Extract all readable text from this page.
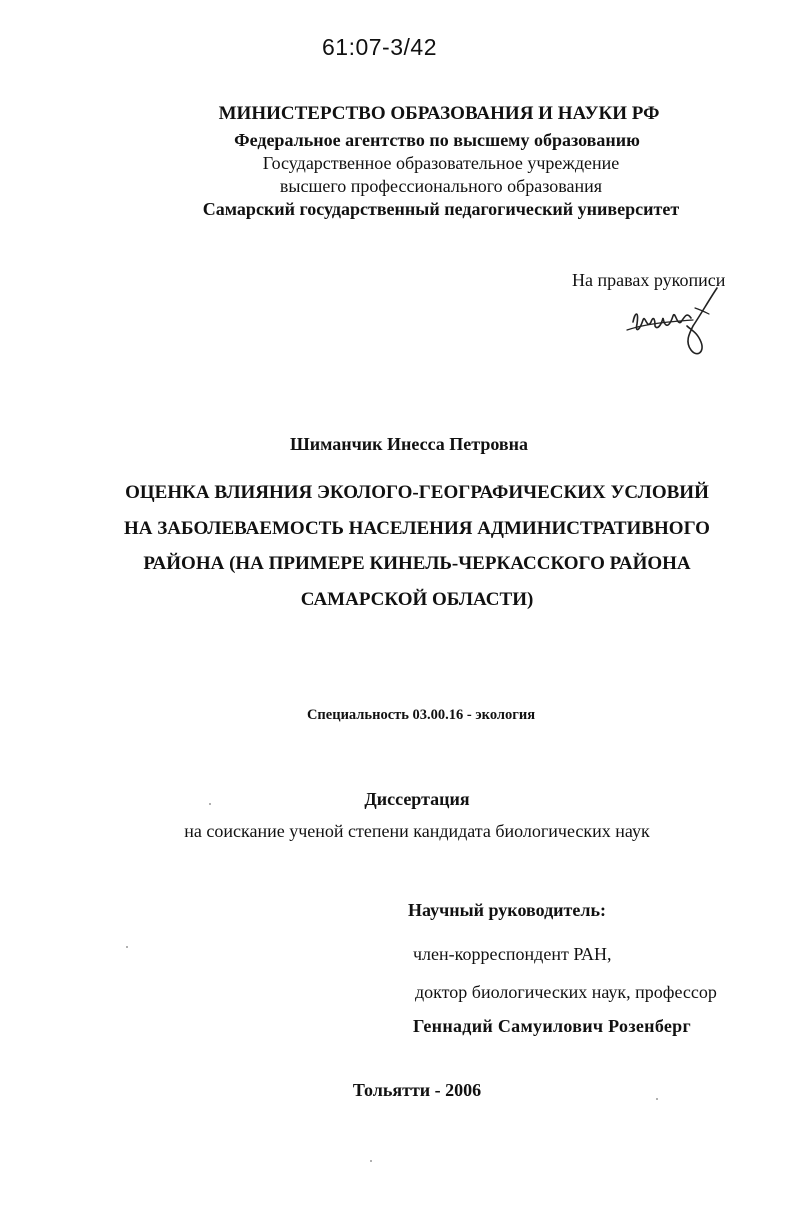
61:07-3/42
МИНИСТЕРСТВО ОБРАЗОВАНИЯ И НАУКИ РФ
Федеральное агентство по высшему образованию
Государственное образовательное учреждение
высшего профессионального образования
Самарский государственный педагогический университет
На правах рукописи
Шиманчик Инесса Петровна
ОЦЕНКА ВЛИЯНИЯ ЭКОЛОГО-ГЕОГРАФИЧЕСКИХ УСЛОВИЙ
НА ЗАБОЛЕВАЕМОСТЬ НАСЕЛЕНИЯ АДМИНИСТРАТИВНОГО
РАЙОНА (НА ПРИМЕРЕ КИНЕЛЬ-ЧЕРКАССКОГО РАЙОНА
САМАРСКОЙ ОБЛАСТИ)
Специальность 03.00.16 - экология
Диссертация
на соискание ученой степени кандидата биологических наук
Научный руководитель:
член-корреспондент РАН,
доктор биологических наук, профессор
Геннадий Самуилович Розенберг
Тольятти - 2006
